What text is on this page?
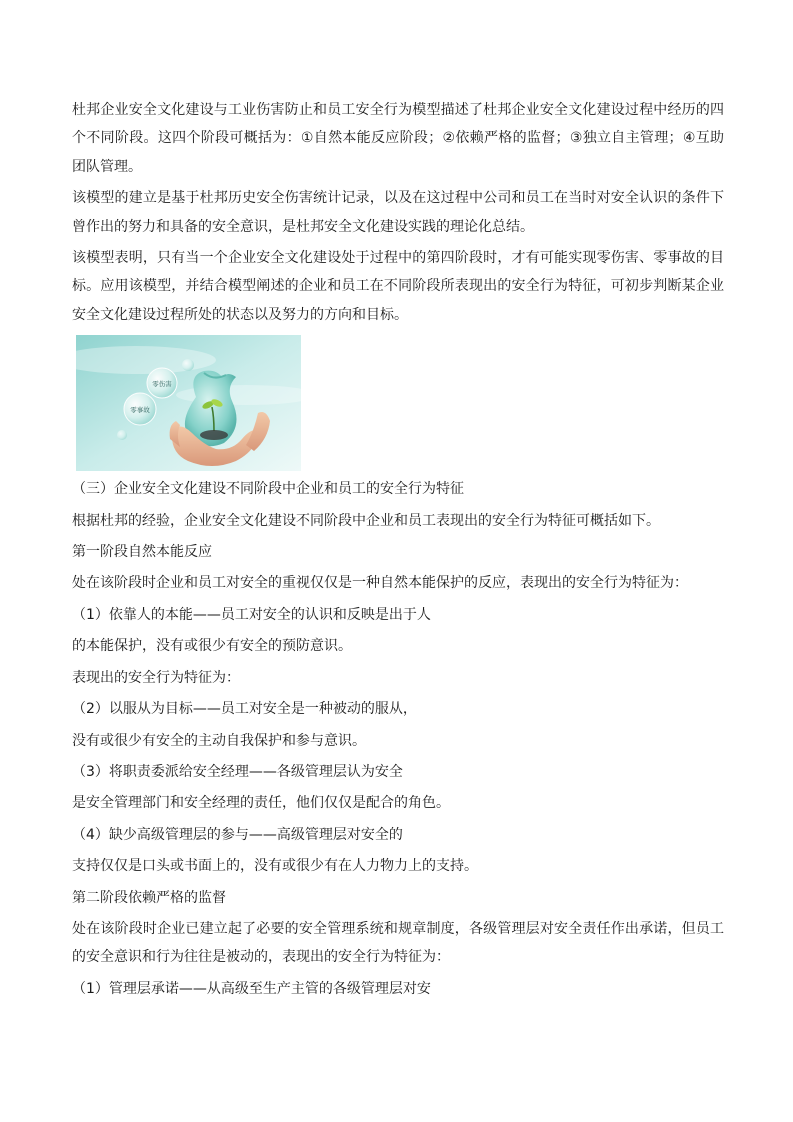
杜邦企业安全文化建设与工业伤害防止和员工安全行为模型描述了杜邦企业安全文化建设过程中经历的四个不同阶段。这四个阶段可概括为：①自然本能反应阶段；②依赖严格的监督；③独立自主管理；④互助团队管理。

该模型的建立是基于杜邦历史安全伤害统计记录，以及在这过程中公司和员工在当时对安全认识的条件下曾作出的努力和具备的安全意识，是杜邦安全文化建设实践的理论化总结。

该模型表明，只有当一个企业安全文化建设处于过程中的第四阶段时，才有可能实现零伤害、零事故的目标。应用该模型，并结合模型阐述的企业和员工在不同阶段所表现出的安全行为特征，可初步判断某企业安全文化建设过程所处的状态以及努力的方向和目标。

零伤害
零事故

（三）企业安全文化建设不同阶段中企业和员工的安全行为特征

根据杜邦的经验，企业安全文化建设不同阶段中企业和员工表现出的安全行为特征可概括如下。

第一阶段自然本能反应

处在该阶段时企业和员工对安全的重视仅仅是一种自然本能保护的反应，表现出的安全行为特征为：

（1）依靠人的本能——员工对安全的认识和反映是出于人

的本能保护，没有或很少有安全的预防意识。

表现出的安全行为特征为：

（2）以服从为目标——员工对安全是一种被动的服从，

没有或很少有安全的主动自我保护和参与意识。

（3）将职责委派给安全经理——各级管理层认为安全

是安全管理部门和安全经理的责任，他们仅仅是配合的角色。

（4）缺少高级管理层的参与——高级管理层对安全的

支持仅仅是口头或书面上的，没有或很少有在人力物力上的支持。

第二阶段依赖严格的监督

处在该阶段时企业已建立起了必要的安全管理系统和规章制度，各级管理层对安全责任作出承诺，但员工的安全意识和行为往往是被动的，表现出的安全行为特征为：

（1）管理层承诺——从高级至生产主管的各级管理层对安
